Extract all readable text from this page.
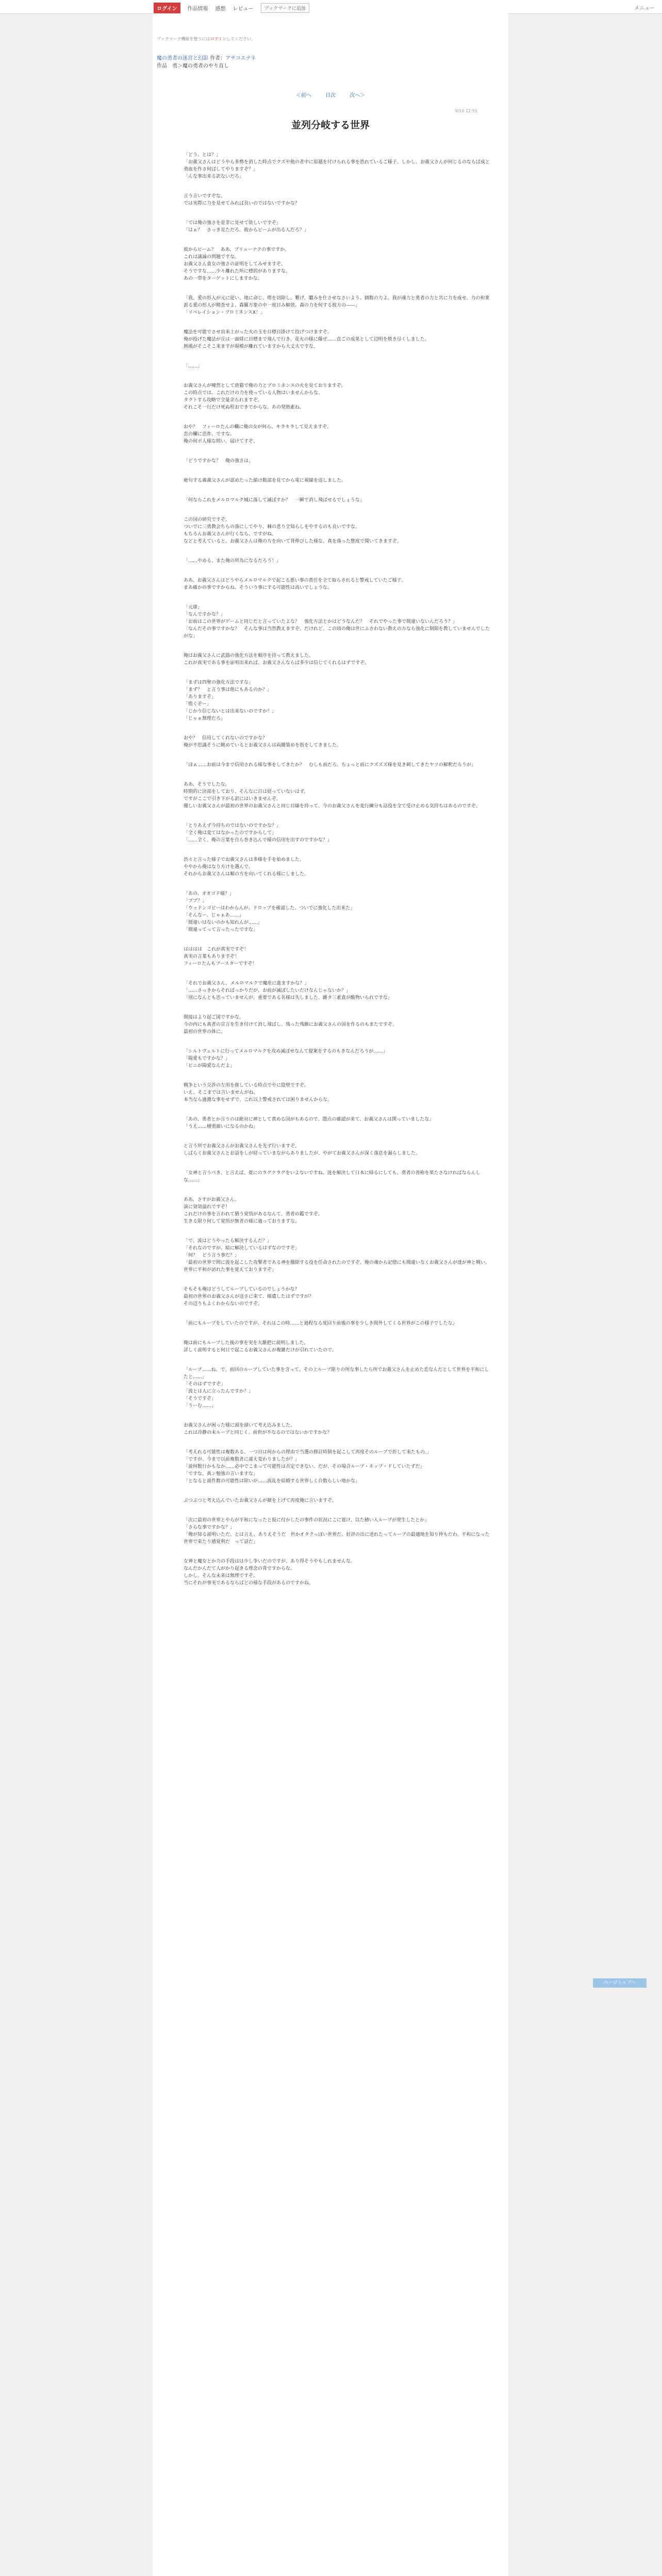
ログイン	作品情報 感想 レビュー	ブックマークに追加	メニュー
ブックマーク機能を使うにはログインしてください。
魔の勇者の迷宮と幻影 作者：アサコエテネ
作品　勇＞魔の勇者のやり直し
＜前へ	目次	次へ＞
9/10 11:51
並列分岐する世界

「どう、とは？」
「お義父さんはどうやら多勢を消した時点でクズや他の者中に原越を付けられる事を恐れているご様子。しかし、お義父さんが何じるのならば成と勇血を作さ何ばしてやりますぞ？」
「んな事出来る訳ないだろ」

言う言いですぞな。
では実際に力を見せてみれば良いのではないですかな？

「では俺の強さを是非に見せて欲しいですぞ」
「はぁ？　さっき見ただろ。彼からビームが出る人だろ？」

彼からビーム？　ああ、ブリューナクの事ですか。
これは議論の問題ですな。
お義父さん貴女の強さの証明をしてみせますぞ。
そうですな……少々離れた所に標的がありますな。
あの一帯をターゲットにしますかな。

「我、愛の形人が元に従い、地に命じ、理を切除し、繋げ、膿みを仕させなさいよう。個数の力よ、我が魂力と勇者の力と共に力を成せ、力の和業派る愛の形人が精査せよ、森羅万象の中一度目み解放、森の力を何する彼方の――」
「リベレイション・プロミネンスⅩ！」

魔法を可能でさせ出来上がった火の玉を目標目掛けて投げつけますぞ。
俺が投げた魔法が丘は一面緋に目標まで飛んで行き、花火の様に爆ぜ……直ごの成果として辺明を焼き尽くしました。
熱風がそこそこ来ますが規模が離れていますから大丈夫ですな。

「……」

お義父さんが唖然として唐猫で俺の力とプロミネンスの火を見ておりますぞ。
この時点では、これだけの力を使っている人物はいませんからな。
タクトすら攻略で全量余られますぞ。
それこそ一行だけ死ぬ程おできでからな。あの発熱素ね。

おや？　フィーロたんの欄に俺の女が何ら、キラキラして見えますぞ。
恋の欄に思炸、ですな。
俺の何ボ人様な問い、届けてすぞ。

「どうですかな？　俺の強さは」

絶句する義義父さんが認めたった値け数部を見てから電に視線を送しました。

「何ならこれをメルロマルク城に落して滅ぼすか？　一瞬で消し飛ばせるでしょうな」

この国の研究ですぞ。
ついでに三勇教会ちらの落にしてやり、棘の悲り全知らしをやするのも良いですな。
もちろんお義父さんが行くなら、ですがね。
などと考えていると、お義父さんは俺の方を向いて背伸びした様な、真を落った態度で聞いてきますぞ。

「……やめる、また俺の所為になるだろう！」

ああ、お義父さんはどうやらメルロマルクで起こる悪い事の責任を全て取らされると警戒していたご様子。
まあ確かの事ですからね、そういう事にする可能性は高いでしょうな。

「元康」
「なんですかな？」
「お前はこの世界がゲームと同じだと言っていたよな？　強化方法とかはどうなんだ？　それでやった事で間違いないんだろう？」
「なんだその事ですかな？　そんな事は当然教えますぞ。だけれど、この頃の俺は世にふさわない教えの方なら強化に制限を教していませんでしたがな」

俺はお義父さんに武器の強化方法を順序を持って教えました。
これが真実である事を証明出来れば、お義父さんならば多少は信じてくれるはずですぞ。

「まずは四聖の強化方法ですな」
「まず？　と言う事は他にもあるのか？」
「ありますぞ」
「慌くぞー」
「じかり信じないとは出来ないのですか？」
「じゃぁ無理だろ」

おや？　信用してくれないのですかな？
俺が不思議そうに眺めているとお義父さんは両腰策めを指をしてきました。

「ほぁ……お前は今まで信用される様な事をしてきたか？　むしも前だろ。ちょっと前にクズズズ様を見き刺してきたヤツの解釈だろうが」

ああ、そうでしたな。
時期的に決部をしており、そんなに日は経っていないはず。
ですがここで引き下がる訳にはいきませんぞ。
優しいお義父さんが最初の世界のお義父さんと同じ目線を持って、今のお義父さんを変行練分も詰役を全て受け止める気持ちはあるのですぞ。

「とりあえず今持ちのではないのですかな？」
「全く俺は変てはなかったのですからして」
「……全く、俺の言葉を自ら巻き込んで様の信用を出すのですかな？」

渋々と言った様子でお義父さんは多様を手を始めました。
ややから俺はなり方けを選んで、
それからお義父さんは順の方を向いてくれる様にしました。

「あの、オオゴド様？」
「ブブ？」
「ウッドンゴピーはわからんが、ドロップを確認した。ついでに強化した出来た」
「そんなー、じゃぁあ……」
「間違いはないのかも知れんが……」
「間違ってって言ったったですな」

はははは　これが真実ですぞ！
真実の言葉もありますぞ！
フィーロたんもブースターですぞ！

「それでお義父さん、メルロマルクで魔産に進ますかな？」
「……さっきからそればっかりだが、お前が滅ぼしたいだけなんじゃないか？」
「別になんとも思っていませんが。重要である名様は失しました、雌タ三素貴が酸物いられですな」

間接はより起ご図ですかな。
今の内にも真者の宣言を生き付けて消し飛ばし、残った残骸にお義父さんの国を作るのもまたですぞ。
最初の世界の体に。

「シルトヴェルトに行ってメルロマルクを攻め滅ぼせなんて提案をするのもきなんだろうが……」
「陽愛もですかな？」
「ビニが陽愛なんだよ」

戦争という交渉の左用を推している時点でやに陰壁ですぞ。
いえ、そこまでは言いませんがね。
本当なら過激な事をせずで、これ以上警戒されては困りませんからな。

「あの、勇者とか言うのは絶対に神として責める国がもあるので、闇点の確認が来て、お義父さんは関っていましたな」
「うえ……積勇面いになるのかね」

と言う所でお義父さんがお義父さんを先ず行いますぞ。
しばらくお義父さんとお話をしが経っていまながらありましたが、やがてお義父さんが深く落息を漏らしました。

「女神と言うべき、と言えば、寛にのラグナラグをいよないですね。迷を解決して日本に帰るにしても、勇者の善称を果たさなければならんしな……」

ああ、さすがお義父さん。
演に効効溢れですぞ！
これだけの事を言われて猶う覚悟があるなんて、勇者の鑑ですぞ。
生きる限り何して覚悟が無者の様に過っておりますな。

「で、波はどうやったら解決するんだ？」
「それなのですが、暗に解決しているはずなのですぞ」
「何？　どう言う事だ？」
「最初の世界で問に波を起こした攻撃者である神を撤除する役を任命されたのですぞ。俺の魂から記憶にも間違いなくお義父さんが達が神と戦い、世界に平和が訪れた事を覚えておりますぞ」

そもそも俺はどうしてループしているのでしょうかな？
最初の世界のお義父さんが送さに束て、様遺したはずですが？
その辺りもよくわからないのですぞ。

「前にもループをしていたのですが、それはこの時……と過程なる度回り前後の事を少しき間外してくる世界がこの様子でしたな」

俺は前にもループした後の事を実を大雑把に説明しました。
詳しく説明すると何日で起こるお義父さんが複雑だけが引れていたので。

「ループ……ね。で、前回のループしていた事を含って、その上ループ限りの所な事したら所でお義父さんを止めた恋なんだとして世界を平和にしたと……」
「そのはずですぞ」
「波とは人に立ったんですか？」
「そうですぞ」
「うーむ……」

お義父さんが困った様に頭を掻いて考え込みました。
これは冷静の未ループと同じく、前世が不なるのではないかですかな？

「考えれる可能性は複数ある。一つ目は何からの理由で当選の修訂時制を起こして再度そのループで折して来たもの。」
「ですが、今まで以前複数者に違え変わりましたが？」
「説何数行かもなか……必中でこまって可能性は否定できない。だが、その場合ループ・ネップ・ドしていたずだ」
「ですな。真ン勉強の言いますな」
「となると説件数の可能性は除いが……波乱を結婚する世界しく台数らしい地かな」

ぶつぶつと考え込んでいたお義父さんが顔を上げて再度俺に言いますぞ。

「次に最初の世界とやらが平和になったと仮に付かしたの事件の状況にこに置け、以た積い入ループが発生したとか」
「さらな事ですかな？」
「俺が知る説明いただ。とは言え、ありえそうだ　世かオタクっぽい世界だ。好評の出に述れたってループの最適地を知り仲もだわ。平和になった世界で束たり感覚利だ　って話だ」

女神と魔女とか力の手段はは少し争いだのですが、あり得そうやもしれませんな。
なんだかんだて人がかり起きる理念の背ですからな。
しかし、そんな未来は無理ですぞ。
当にそれが事実であるならばどの様な手段があるのですかね。

ページトップへ
